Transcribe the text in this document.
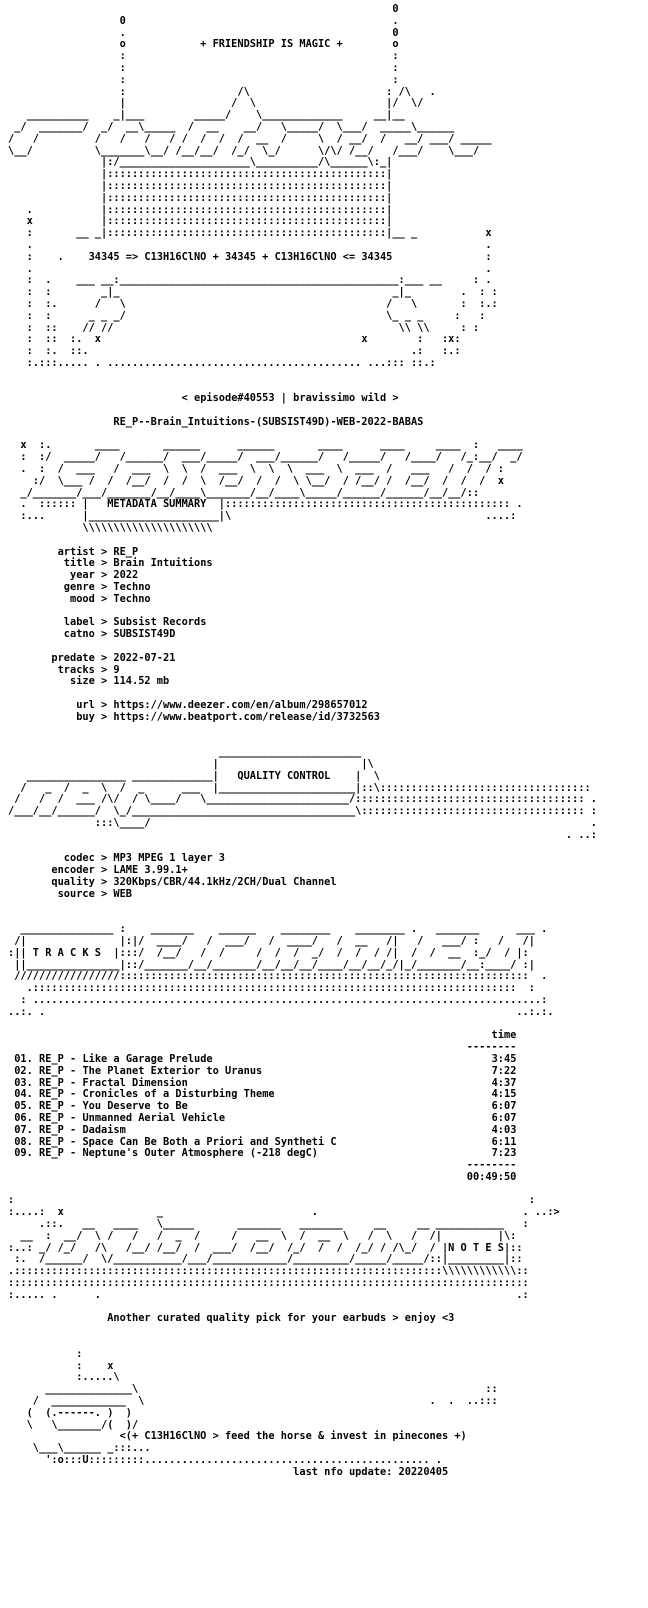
0
0                                           .
.                                           0
o            + FRIENDSHIP IS MAGIC +        o
:                                           :
:                                           :
:                                           :
:                  /\                      : /\   .
|                 /  \                     |/  \/
__________    _|___        _____/    \_____________     __|__
_/  _______/  _/  __\_____  /  __    __/   \_____/  \___/  _____\______
/   /         /   /   /   / /  /  /  /  __  /     \  / __/  /   __/ ___/ _____
\__/          \_______\__/ /__/__/  /_/  \_/      \/\/ /__/   /___/    \___/
|:/_____________________\__________/\______\:_|
|:::::::::::::::::::::::::::::::::::::::::::::|
|:::::::::::::::::::::::::::::::::::::::::::::|
|:::::::::::::::::::::::::::::::::::::::::::::|
.           |:::::::::::::::::::::::::::::::::::::::::::::|
x           |:::::::::::::::::::::::::::::::::::::::::::::|
:       __ _|:::::::::::::::::::::::::::::::::::::::::::::|__ _           x
.                                                                         .
:    .    34345 => C13H16ClNO + 34345 + C13H16ClNO <= 34345               :
.                                                                         .
:  .    ___ __:_____________________________________________:___ __     : .
:  :        _|_                                            _|_        .  : :
:  :.      /   \                                          /   \       :  :.:
:  :      _ _ _/                                          \_ _ _     :   :
:  ::    // //                                              \\ \\     : :
:  ::  :.  x                                          x        :   :x:
:  :.  ::.                                                    .:   :.:
:.:::..... . ......................................... ...::: ::.:

< episode#40553 | bravissimo wild >

RE_P--Brain_Intuitions-(SUBSIST49D)-WEB-2022-BABAS

x  :.       ____       ______      ______       ____      ____     ____  :   ____
:  :/  _____/   /______/  ___/_____/  ___/______/   /_____/   /____/   /_:__/  _/
.  :  /  ___   /  ___  \  \  /  ___  \  \  \  ___  \  ___  /   ___   /  /  / :
:/  \___ /  /  /__/  /  /  \  /__/  /  /  \ \__/  / /__/ /  /__/  /  /  /  x
_/_______/___/_______/__/____\_______/__/____\_____/______/______/__/__/::
.  :::::: |   METADATA SUMMARY  |:::::::::::::::::::::::::::::::::::::::::::::: .
:...      |_____________________|\                                         ....:
\\\\\\\\\\\\\\\\\\\\\

artist > RE_P
title > Brain Intuitions
year > 2022
genre > Techno
mood > Techno

label > Subsist Records
catno > SUBSIST49D

predate > 2022-07-21
tracks > 9
size > 114.52 mb

url > https://www.deezer.com/en/album/298657012
buy > https://www.beatport.com/release/id/3732563

_______________________
|                       |\
________________ _____________|   QUALITY CONTROL    |  \
/   _  /  _  \  /  _      ___  |______________________|::\::::::::::::::::::::::::::::::::::
/   /  /  ___ /\/  / \____/   \_______________________/::::::::::::::::::::::::::::::::::::: .
/___/__/______/  \_/____________________________________\:::::::::::::::::::::::::::::::::::: :
:::\____/                                                                       .
. ..:

codec > MP3 MPEG 1 layer 3
encoder > LAME 3.99.1+
quality > 320Kbps/CBR/44.1kHz/2CH/Dual Channel
source > WEB

_______________ :    _______    ______    ________    ________ .   _______      ___ .
/|               |:|/  ____/   /  ___/   /  ____/   /  __   /|   /   ___/ :   /   /|
:|| T R A C K S  |:::/  /__/   /  /     /  /  /  _/  /  /  / /|  /  /  __  :_/  / |:
||_______________|::/_______/__/_______/__/__/__/____/__/__/_/|_/_______/__:____/ :|
/////////////////::::::::::::::::::::::::::::::::::::::::::::::::::::::::::::::::::  .
.::::::::::::::::::::::::::::::::::::::::::::::::::::::::::::::::::::::::::::::  :
: ..................................................................................:
..:. .                                                                            ..:.:.

time
--------
01. RE_P - Like a Garage Prelude                                             3:45
02. RE_P - The Planet Exterior to Uranus                                     7:22
03. RE_P - Fractal Dimension                                                 4:37
04. RE_P - Cronicles of a Disturbing Theme                                   4:15
05. RE_P - You Deserve to Be                                                 6:07
06. RE_P - Unmanned Aerial Vehicle                                           6:07
07. RE_P - Dadaism                                                           4:03
08. RE_P - Space Can Be Both a Priori and Syntheti C                         6:11
09. RE_P - Neptune's Outer Atmosphere (-218 degC)                            7:23
--------
00:49:50

:                                                                                   :
:....:  x               _                        .                                 . ..:>
.::.   __   ____   \_____       _______   _______     __     __ ___________   :
__  :  __/  \ /   /   /  _  /     /   __  \  /  __  \   /  \   /  /|         |\:
:..: _/ /_/   /\   /__/ /__/  /  ___/  /__/  /_/  /  /  /_/ / /\_/  / |N O T E S|::
:.  /______/  \/___________/___/____________/_________/_____/_____/::|_________|::
.:::::::::::::::::::::::::::::::::::::::::::::::::::::::::::::::::::::\\\\\\\\\\\\::
::::::::::::::::::::::::::::::::::::::::::::::::::::::::::::::::::::::::::::::::::::
:..... .      .                                                                   .:

Another curated quality pick for your earbuds > enjoy <3

:
:    x
:.....\
______________\                                                        ::
/  ____________  \                                              .  .  ..:::
(  (.------. )  )
\   \_______/(  )/
<(+ C13H16ClNO > feed the horse & invest in pinecones +)
\___\______ _:::...
':o:::U:::::::::.............................................. .
last nfo update: 20220405
